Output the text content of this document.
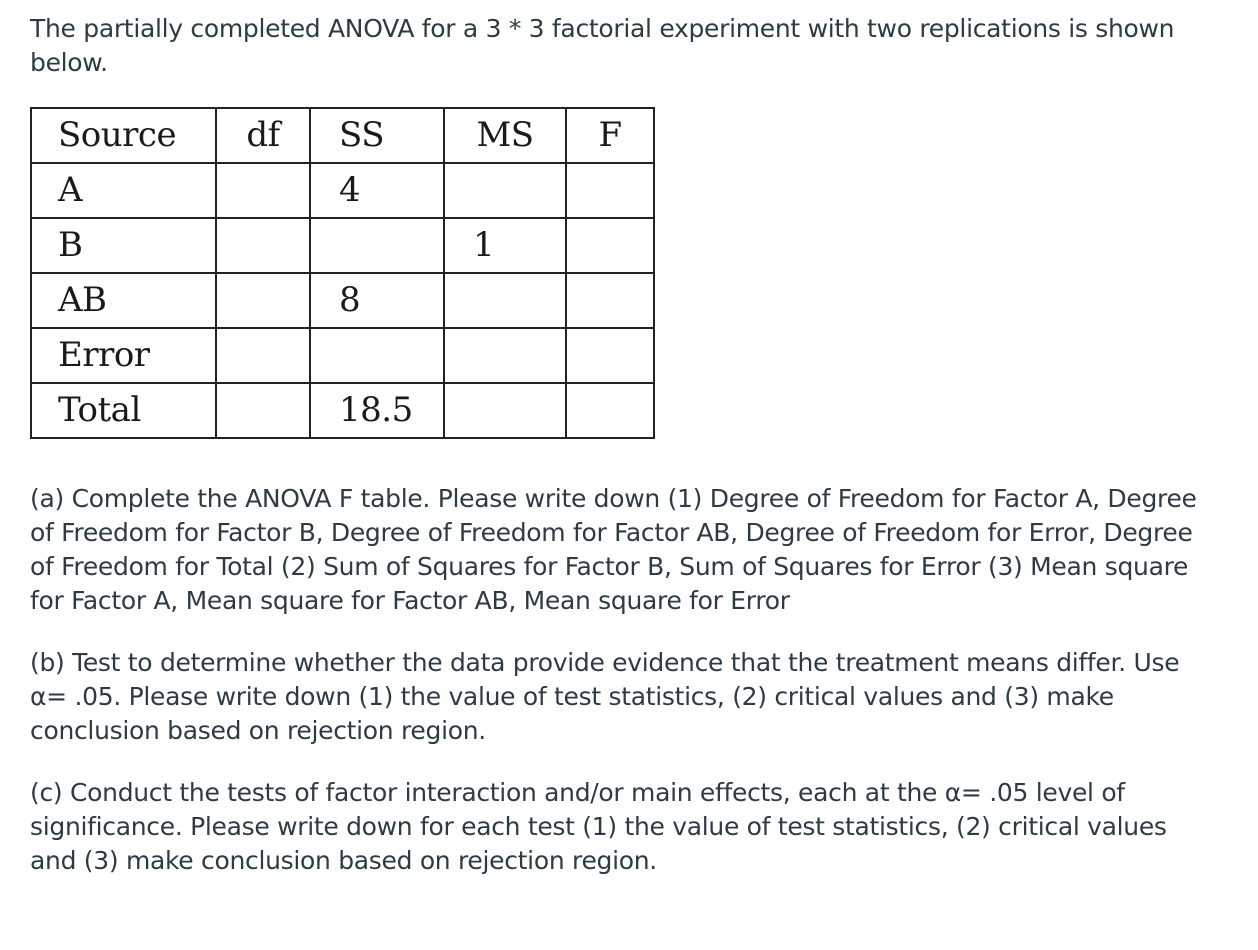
The partially completed ANOVA for a 3 * 3 factorial experiment with two replications is shown below.

Source	df	SS	MS	F
A		4		
B			1	
AB		8		
Error				
Total		18.5		

(a) Complete the ANOVA F table. Please write down (1) Degree of Freedom for Factor A, Degree of Freedom for Factor B, Degree of Freedom for Factor AB, Degree of Freedom for Error, Degree of Freedom for Total (2) Sum of Squares for Factor B, Sum of Squares for Error (3) Mean square for Factor A, Mean square for Factor AB, Mean square for Error

(b) Test to determine whether the data provide evidence that the treatment means differ. Use α= .05. Please write down (1) the value of test statistics, (2) critical values and (3) make conclusion based on rejection region.

(c) Conduct the tests of factor interaction and/or main effects, each at the α= .05 level of significance. Please write down for each test (1) the value of test statistics, (2) critical values and (3) make conclusion based on rejection region.
